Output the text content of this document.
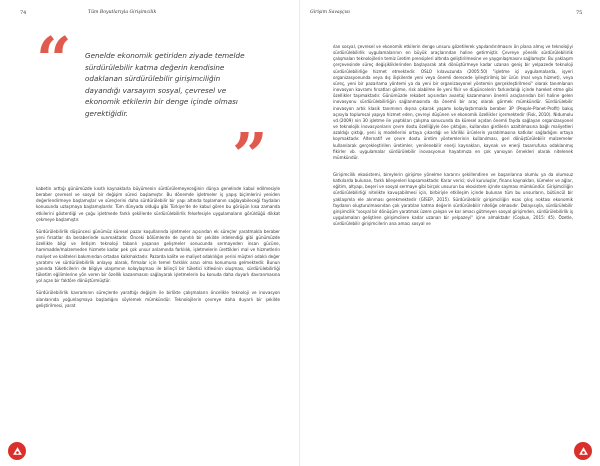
74	Tüm Boyutlarıyla Girişimcilik
“ Genelde ekonomik getiriden ziyade temelde sürdürülebilir katma değerin kendisine odaklanan sürdürülebilir girişimciliğin dayandığı varsayım sosyal, çevresel ve ekonomik etkilerin bir denge içinde olması gerektiğidir.
”

kabetin arttığı günümüzde kısıtlı kaynaklarla büyümenin sürdürülemeyeceğinin dünya genelinde kabul edilmesiyle beraber çevresel ve sosyal bir değişim süreci başlamıştır. Bu dönemde işletmeler iş yapış biçimlerini yeniden değerlendirmeye başlamışlar ve süreçlerini daha sürdürülebilir bir yapı altında toplamanın sağlayabileceği faydaları konusunda uzlaşmaya başlamışlardır. Tüm dünyada olduğu gibi Türkiye'de de kabul gören bu görüşün kısa zamanda etkilerini gösterdiği ve çoğu işletmede farklı şekillerde sürdürülebilirlik felsefesiyle uygulamaların görüldüğü dikkat çekmeye başlamıştır.

Sürdürülebilirlik düşüncesi günümüz küresel pazar koşullarında işletmeler açısından ek süreçler yaratmakla beraber yeni fırsatlar da beraberinde sunmaktadır. Önceki bölümlerde de aynıtılı bir şekilde irdelendiği gibi günümüzde özellikle bilgi ve iletişim teknoloji tabanlı yaşanan gelişmeler sonucunda sermayeden insan gücüne, hammadde/malzemeden hizmete kadar pek çok unsur anlamında farklılık, işletmelerin ürettikleri mal ve hizmetlerin maliyet ve kaliteleri bakımından ortadan kalkmaktadır. Pazarda kalite ve maliyet odaklılığın yerini müşteri odaklı değer yaratımı ve sürdürülebilirlik anlayışı alarak, firmalar için temel farklılık aracı olma konumuna gelmektedir. Bunun yanında tüketicilerin de bilgiye ulaşımının kolaylaşması ile bilinçli bir tüketici kitlesinin oluşması, sürdürülebilirliği tüketim eğilimlerine yön veren bir özellik kazanmasını sağlayarak işletmelerin bu konuda daha duyarlı davranmasına yol açan bir faktöre dönüştürmüştür.

Sürdürülebilirlik kavramının süreçlerde yarattığı değişim ile birlikte çalışmaların öncelikle teknoloji ve inovasyon alanlarında yoğunlaşmaya başladığını söylemek mümkündür. Teknolojilerin çevreye daha duyarlı bir şekilde geliştirilmesi, yarat

Girişim Savaşçısı	75

ılan sosyal, çevresel ve ekonomik etkilerin denge unsuru gözetilerek yapılandırılmasını ön plana almış ve teknolojiyi sürdürülebilirlik uygulamalarının en büyük araçlarından haline getirmiştir. Çevreye yönelik sürdürülebilirlik çalışmaları teknolojilerin temiz üretim prensipleri altında geliştirilmesine ve yaygınlaşmasını sağlamıştır. Bu yaklaşım çerçevesinde süreç değişikliklerinden başlayarak atık dönüştürmeye kadar uzanan geniş bir yelpazede teknoloji sürdürülebilirliğe hizmet etmektedir. OSLO kılavuzunda (2005:50) "işletme içi uygulamalarda, işyeri organizasyonunda veya dış ilişkilerde yeni veya önemli derecede iyileştirilmiş bir ürün (mal veya hizmet), veya süreç, yeni bir pazarlama yöntemi ya da yeni bir organizasyonel yöntemin gerçekleştirilmesi" olarak tanımlanan inovasyon kavramı fırsatları görme, risk alabilme ile yeni fikir ve düşüncelerin farkındalığı içinde hareket etme gibi özellikler taşımaktadır. Günümüzde rekabet açısından avantaj kazanmanın önemli araçlarından biri haline gelen inovasyonu sürdürülebilirliğin sağlanmasında da önemli bir araç olarak görmek mümkündür. Sürdürülebilir inovasyon artık klasik tanımının dışına çıkarak yaşamı kolaylaştırmakla beraber 3P (People-Planet-Profit) bakış açısıyla toplumsal yapıya hizmet eden, çevreyi düşünen ve ekonomik özellikler içermektedir (Fisk, 2010). Nidumolu vd.(2009) nin 30 işletme ile yaptıkları çalışma sonucunda da küresel açıdan önemli fayda sağlayan organizasyonel ve teknolojik inovasyonların çevre dostu özelliğiyle öne çıktığını, kullanılan girdilerin azaltılmasına bağlı maliyetleri azaldığı çıktığı, yeni iş modellerini ortaya çıkardığı ve kâriliki ürünlerin yaratılmasına katkılar sağladığını ortaya koymaktadır. Alternatif ve çevre dostu üretim yöntemlerinin kullanılması, geri dönüştürülebilir malzemeler kullanılarak gerçekleştirilen üretimler, yenilenebilir enerji kaynakları, kaynak ve enerji tasarrufuna odaklanmış fikirler vb. uygulamalar sürdürülebilir inovasyonun hayatımıza en çok yansıyan örnekleri olarak nitelenek mümkündür.

Girişimcilik ekosistemi, bireylerin girişime yönelme kararını şekillendiren ve başarılarına olumlu ya da olumsuz katkılarda bulunan, farklı bileşenleri kapsamaktadır. Karar verici; sivil kuruluşlar, finans kaynakları, kümeler ve ağlar, eğitim, altyapı, beşeri ve sosyal sermaye gibi birçok unsurun bu ekosistem içinde sayması mümkündür. Girişimciliğin sürdürülebilirliği nitelikte kavuşabilmesi için, birbiriyle etkileşim içinde bulunan tüm bu unsurların, bütüncül bir yaklaşımla ele alınması gerekmektedir (GİSEP, 2015). Sürdürülebilir girişimciliğin esas çıkış noktası ekonomik faydanın oluşturulmasından çok yaratılan katma değerin sürdürülebilir niteliğe olmasıdır. Dolayısıyla, sürdürülebilir girişimcilik "sosyal bir dönüşüm yaratmak üzere çalışan ve kar amacı gütmeyen sosyal girişimden, sürdürülebilirlik iş uygulamaları geliştiren girişimcilere kadar uzanan bir yelpazeyi" içine almaktadır (Coşkun, 2015: 45). Özetle, sürdürülebilir girişimcilerin ana amacı sosyal ve
